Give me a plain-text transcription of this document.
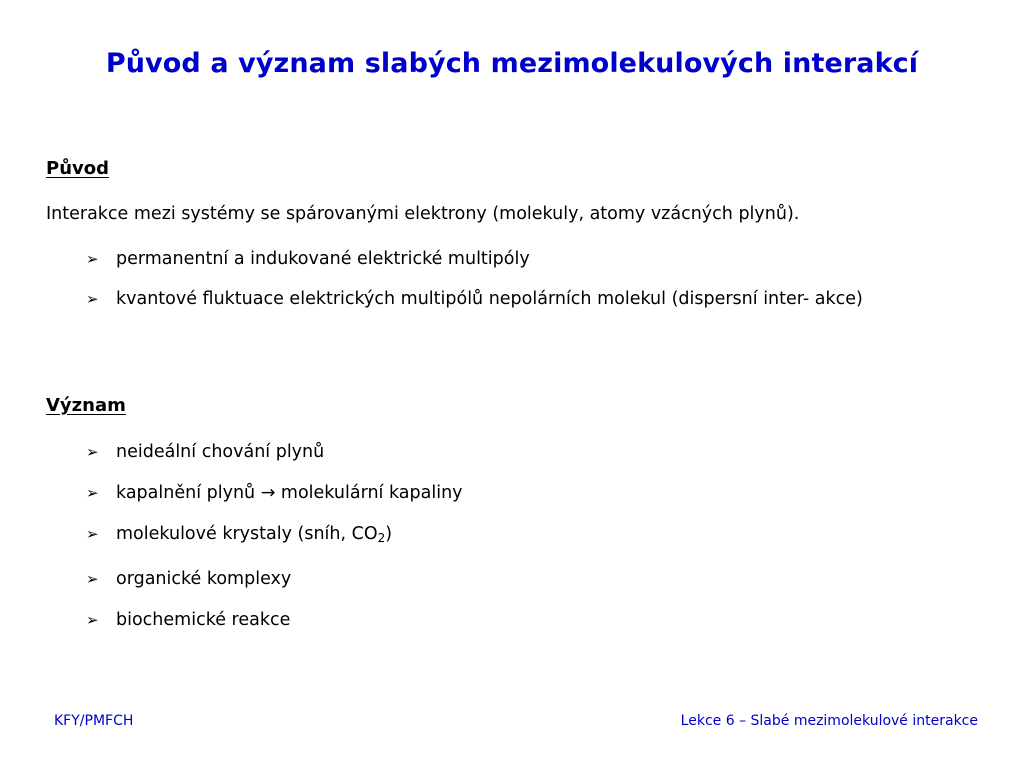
Původ a význam slabých mezimolekulových interakcí
Původ
Interakce mezi systémy se spárovanými elektrony (molekuly, atomy vzácných plynů).
➢ permanentní a indukované elektrické multipóly
➢ kvantové fluktuace elektrických multipólů nepolárních molekul (dispersní inter- akce)
Význam
➢ neideální chování plynů
➢ kapalnění plynů → molekulární kapaliny
➢ molekulové krystaly (sníh, $CO_2$)
➢ organické komplexy
➢ biochemické reakce
KFY/PMFCH	Lekce 6 – Slabé mezimolekulové interakce
